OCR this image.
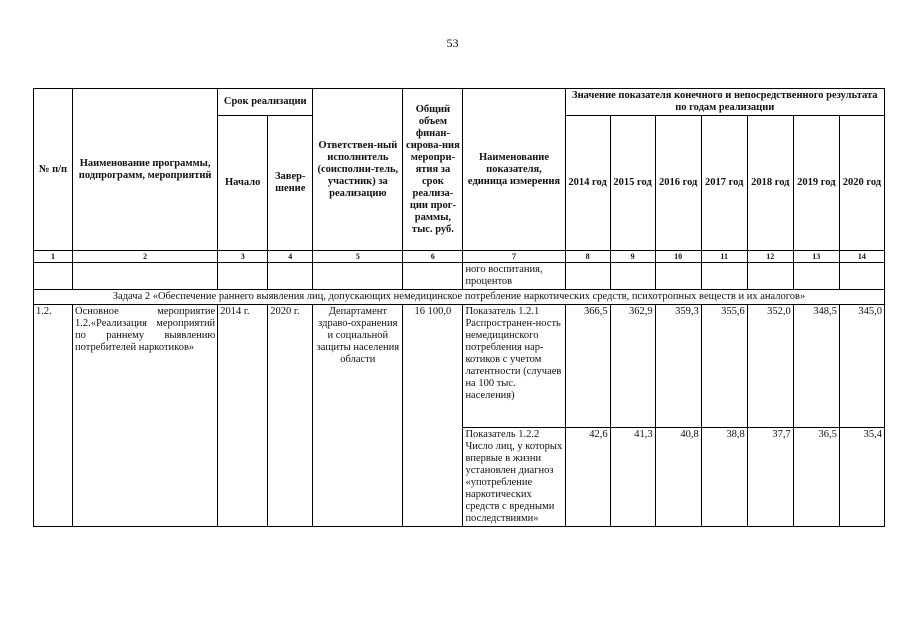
53
№ п/п	Наименование программы, подпрограмм, мероприятий	Срок реализации		Ответствен-ный исполнитель (соисполни-тель, участник) за реализацию	Общий объем финан-сирова-ния меропри-ятия за срок реализа-ции прог-раммы, тыс. руб.	Наименование показателя, единица измерения	Значение показателя конечного и непосредственного результата по годам реализации						
		Начало	Завер-шение				2014 год	2015 год	2016 год	2017 год	2018 год	2019 год	2020 год
1	2	3	4	5	6	7	8	9	10	11	12	13	14
						ного воспитания, процентов							
Задача 2 «Обеспечение раннего выявления лиц, допускающих немедицинское потребление наркотических средств, психотропных веществ и их аналогов»													
1.2.	Основное мероприятие 1.2.«Реализация мероприятий по раннему выявлению потребителей наркотиков»	2014 г.	2020 г.	Департамент здраво-охранения и социальной защиты населения области	16 100,0	Показатель 1.2.1 Распространен-ность немедицинского потребления нар-котиков с учетом латентности (случаев на 100 тыс. населения)	366,5	362,9	359,3	355,6	352,0	348,5	345,0
						Показатель 1.2.2 Число лиц, у которых впервые в жизни установлен диагноз «употребление наркотических средств с вредными последствиями»	42,6	41,3	40,8	38,8	37,7	36,5	35,4
